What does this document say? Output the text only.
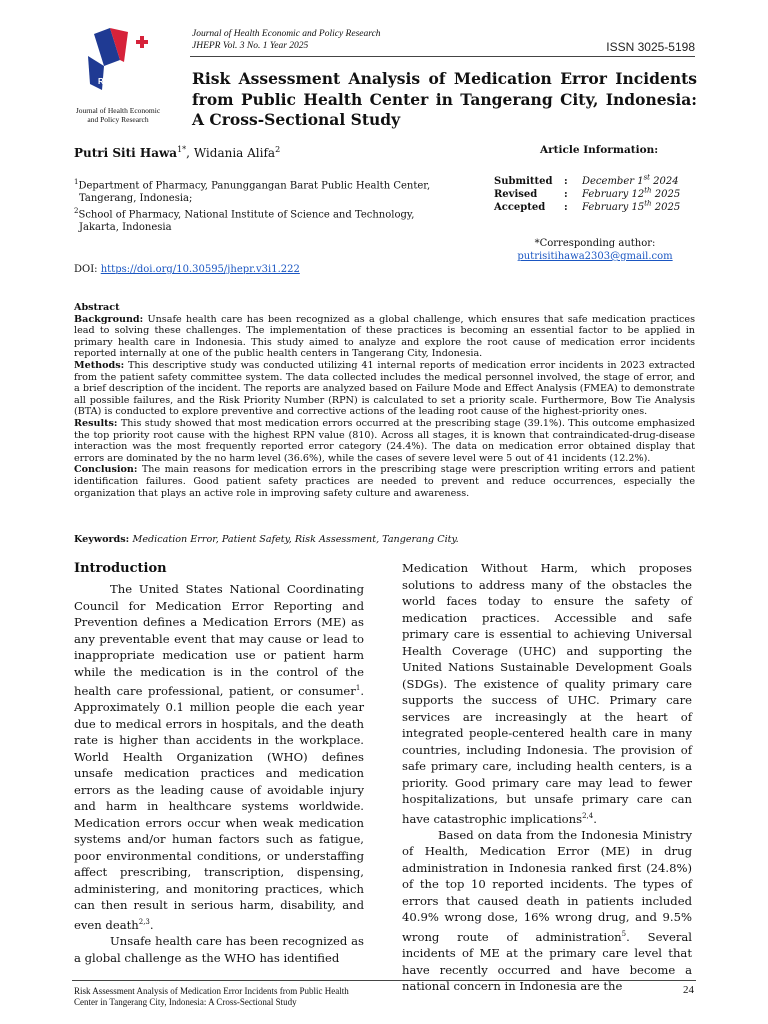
Rp
Journal of Health Economic
and Policy Research
Journal of Health Economic and Policy Research
JHEPR Vol. 3 No. 1 Year 2025	ISSN 3025-5198
Risk Assessment Analysis of Medication Error Incidents from Public Health Center in Tangerang City, Indonesia: A Cross-Sectional Study
Putri Siti Hawa$^{1*}$, Widania Alifa$^2$
$^1$Department of Pharmacy, Panunggangan Barat Public Health Center,
Tangerang, Indonesia;
$^2$School of Pharmacy, National Institute of Science and Technology,
Jakarta, Indonesia
DOI: https://doi.org/10.30595/jhepr.v3i1.222
Article Information:
Submitted : December 1st 2024
Revised	: February 12th 2025
Accepted : February 15th 2025
*Corresponding author:
putrisitihawa2303@gmail.com

Abstract

Background: Unsafe health care has been recognized as a global challenge, which ensures that safe medication practices lead to solving these challenges. The implementation of these practices is becoming an essential factor to be applied in primary health care in Indonesia. This study aimed to analyze and explore the root cause of medication error incidents reported internally at one of the public health centers in Tangerang City, Indonesia.

Methods: This descriptive study was conducted utilizing 41 internal reports of medication error incidents in 2023 extracted from the patient safety committee system. The data collected includes the medical personnel involved, the stage of error, and a brief description of the incident. The reports are analyzed based on Failure Mode and Effect Analysis (FMEA) to demonstrate all possible failures, and the Risk Priority Number (RPN) is calculated to set a priority scale. Furthermore, Bow Tie Analysis (BTA) is conducted to explore preventive and corrective actions of the leading root cause of the highest-priority ones.

Results: This study showed that most medication errors occurred at the prescribing stage (39.1%). This outcome emphasized the top priority root cause with the highest RPN value (810). Across all stages, it is known that contraindicated-drug-disease interaction was the most frequently reported error category (24.4%). The data on medication error obtained display that errors are dominated by the no harm level (36.6%), while the cases of severe level were 5 out of 41 incidents (12.2%).

Conclusion: The main reasons for medication errors in the prescribing stage were prescription writing errors and patient identification failures. Good patient safety practices are needed to prevent and reduce occurrences, especially the organization that plays an active role in improving safety culture and awareness.

Keywords: Medication Error, Patient Safety, Risk Assessment, Tangerang City.
Introduction

The United States National Coordinating Council for Medication Error Reporting and Prevention defines a Medication Errors (ME) as any preventable event that may cause or lead to inappropriate medication use or patient harm while the medication is in the control of the health care professional, patient, or consumer$^1$. Approximately 0.1 million people die each year due to medical errors in hospitals, and the death rate is higher than accidents in the workplace. World Health Organization (WHO) defines unsafe medication practices and medication errors as the leading cause of avoidable injury and harm in healthcare systems worldwide. Medication errors occur when weak medication systems and/or human factors such as fatigue, poor environmental conditions, or understaffing affect prescribing, transcription, dispensing, administering, and monitoring practices, which can then result in serious harm, disability, and even death$^{2,3}$.

Unsafe health care has been recognized as a global challenge as the WHO has identified

Medication Without Harm, which proposes solutions to address many of the obstacles the world faces today to ensure the safety of medication practices. Accessible and safe primary care is essential to achieving Universal Health Coverage (UHC) and supporting the United Nations Sustainable Development Goals (SDGs). The existence of quality primary care supports the success of UHC. Primary care services are increasingly at the heart of integrated people-centered health care in many countries, including Indonesia. The provision of safe primary care, including health centers, is a priority. Good primary care may lead to fewer hospitalizations, but unsafe primary care can have catastrophic implications$^{2,4}$.

Based on data from the Indonesia Ministry of Health, Medication Error (ME) in drug administration in Indonesia ranked first (24.8%) of the top 10 reported incidents. The types of errors that caused death in patients included 40.9% wrong dose, 16% wrong drug, and 9.5% wrong route of administration$^5$. Several incidents of ME at the primary care level that have recently occurred and have become a national concern in Indonesia are the

Risk Assessment Analysis of Medication Error Incidents from Public Health
Center in Tangerang City, Indonesia: A Cross-Sectional Study
24
